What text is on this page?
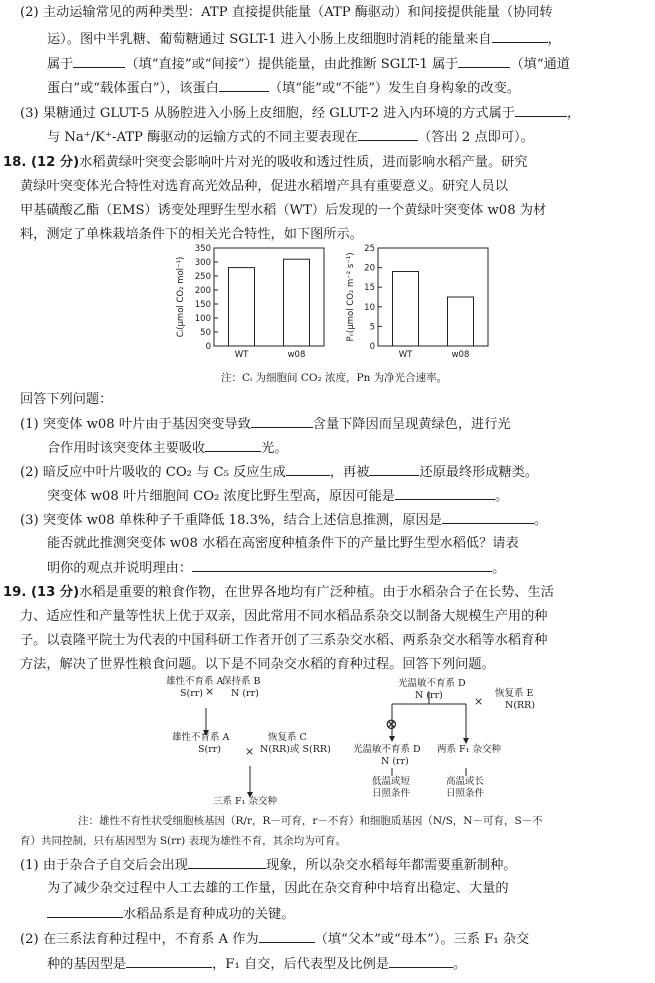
(2) 主动运输常见的两种类型：ATP 直接提供能量（ATP 酶驱动）和间接提供能量（协同转
运）。图中半乳糖、葡萄糖通过 SGLT-1 进入小肠上皮细胞时消耗的能量来自	，
属于	（填“直接”或“间接”）提供能量，由此推断 SGLT-1 属于	（填“通道
蛋白”或“载体蛋白”），该蛋白	（填“能”或“不能”）发生自身构象的改变。
(3) 果糖通过 GLUT-5 从肠腔进入小肠上皮细胞，经 GLUT-2 进入内环境的方式属于	，
与 Na⁺/K⁺-ATP 酶驱动的运输方式的不同主要表现在	（答出 2 点即可）。
18. (12 分)水稻黄绿叶突变会影响叶片对光的吸收和透过性质，进而影响水稻产量。研究
黄绿叶突变体光合特性对选育高光效品种，促进水稻增产具有重要意义。研究人员以
甲基磺酸乙酯（EMS）诱变处理野生型水稻（WT）后发现的一个黄绿叶突变体 w08 为材
料，测定了单株栽培条件下的相关光合特性，如下图所示。
0
50
100
150
200
250
300
350
Cᵢ(μmol CO₂ mol⁻¹)
WT	w08
0
5
10
15
20
25
Pₙ(μmol CO₂ m⁻² s⁻¹)
WT	w08
注：Cᵢ 为细胞间 CO₂ 浓度，Pn 为净光合速率。
回答下列问题：
(1) 突变体 w08 叶片由于基因突变导致	含量下降因而呈现黄绿色，进行光
合作用时该突变体主要吸收	光。
(2) 暗反应中叶片吸收的 CO₂ 与 C₅ 反应生成	，再被	还原最终形成糖类。
突变体 w08 叶片细胞间 CO₂ 浓度比野生型高，原因可能是	。
(3) 突变体 w08 单株种子千重降低 18.3%，结合上述信息推测，原因是	。
能否就此推测突变体 w08 水稻在高密度种植条件下的产量比野生型水稻低？请表
明你的观点并说明理由：	。
19. (13 分)水稻是重要的粮食作物，在世界各地均有广泛种植。由于水稻杂合子在长势、生活
力、适应性和产量等性状上优于双亲，因此常用不同水稻品系杂交以制备大规模生产用的种
子。以袁隆平院士为代表的中国科研工作者开创了三系杂交水稻、两系杂交水稻等水稻育种
方法，解决了世界性粮食问题。以下是不同杂交水稻的育种过程。回答下列问题。
雄性不育系 A
S(rr) ×
保持系 B
N (rr)
雄性不育系 A
S(rr) ×
恢复系 C
N(RR)或 S(RR)
三系 F₁ 杂交种
光温敏不育系 D
N (rr)	×
恢复系 E
N(RR)
⊗
光温敏不育系 D
N (rr)
两系 F₁ 杂交种
低温或短
日照条件
高温或长
日照条件
注：雄性不育性状受细胞核基因（R/r，R－可育，r－不育）和细胞质基因（N/S，N－可育，S－不
育）共同控制，只有基因型为 S(rr) 表现为雄性不育，其余均为可育。
(1) 由于杂合子自交后会出现	现象，所以杂交水稻每年都需要重新制种。
为了减少杂交过程中人工去雄的工作量，因此在杂交育种中培育出稳定、大量的
水稻品系是育种成功的关键。
(2) 在三系法育种过程中，不育系 A 作为	（填“父本”或“母本”）。三系 F₁ 杂交
种的基因型是	，F₁ 自交，后代表型及比例是	。
